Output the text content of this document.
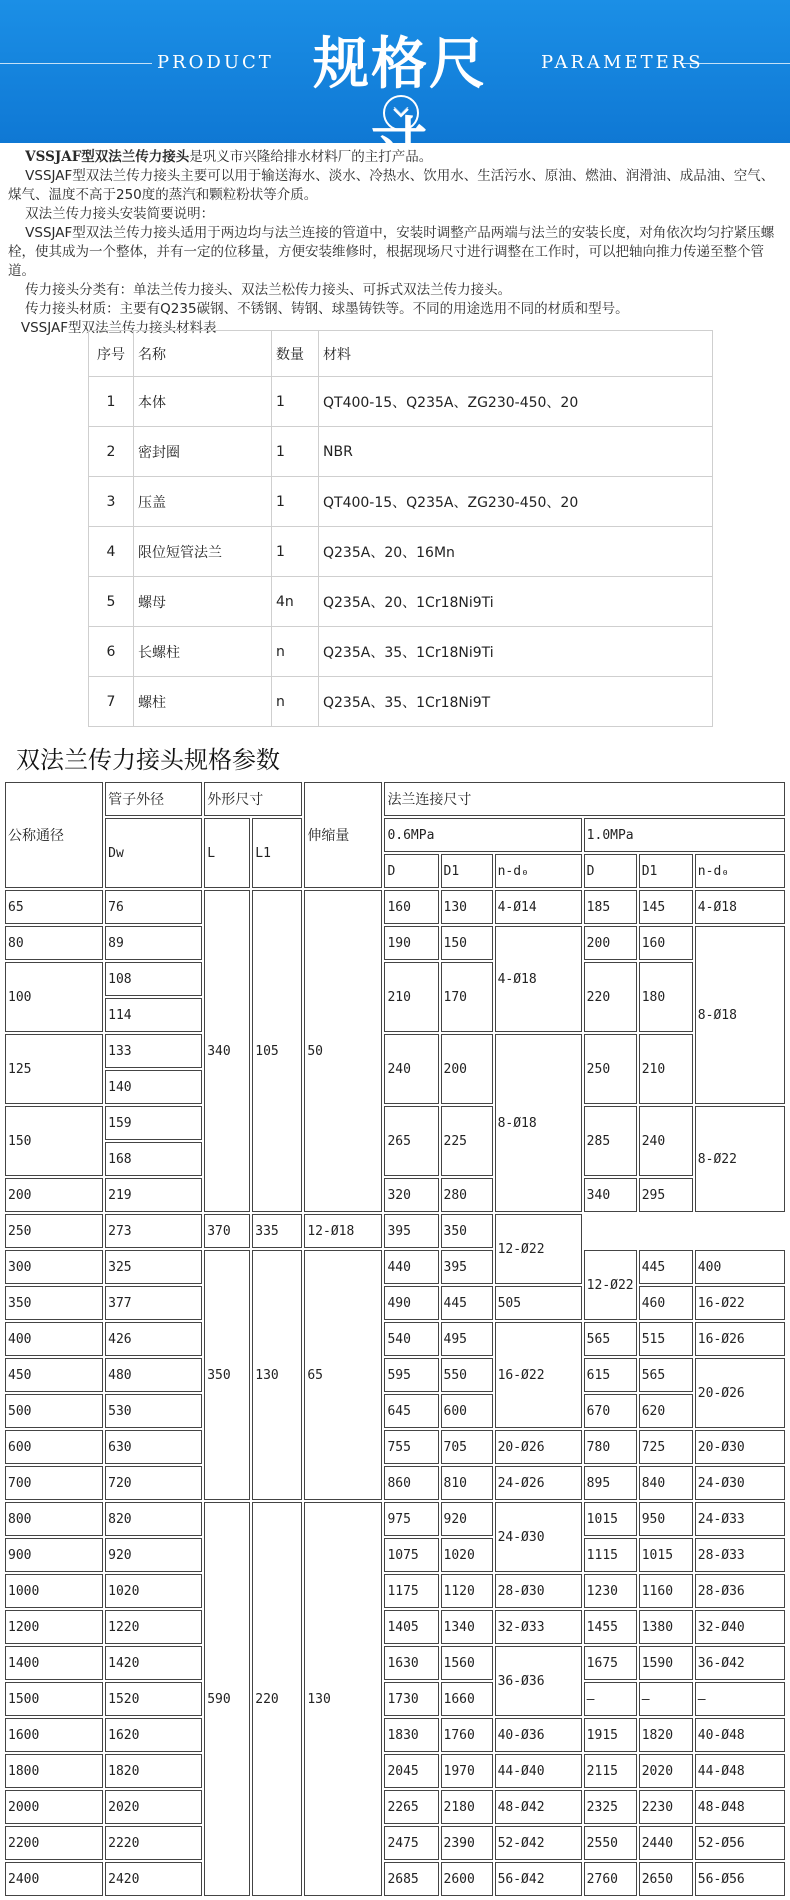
PRODUCT 规格尺寸
PARAMETERS

VSSJAF型双法兰传力接头是巩义市兴隆给排水材料厂的主打产品。

VSSJAF型双法兰传力接头主要可以用于输送海水、淡水、冷热水、饮用水、生活污水、原油、燃油、润滑油、成品油、空气、煤气、温度不高于250度的蒸汽和颗粒粉状等介质。

双法兰传力接头安装简要说明：

VSSJAF型双法兰传力接头适用于两边均与法兰连接的管道中，安装时调整产品两端与法兰的安装长度，对角依次均匀拧紧压螺栓，使其成为一个整体，并有一定的位移量，方便安装维修时，根据现场尺寸进行调整在工作时，可以把轴向推力传递至整个管道。

传力接头分类有：单法兰传力接头、双法兰松传力接头、可拆式双法兰传力接头。

传力接头材质：主要有Q235碳钢、不锈钢、铸钢、球墨铸铁等。不同的用途选用不同的材质和型号。

VSSJAF型双法兰传力接头材料表

序号	名称	数量	材料
1	本体	1	QT400-15、Q235A、ZG230-450、20
2	密封圈	1	NBR
3	压盖	1	QT400-15、Q235A、ZG230-450、20
4	限位短管法兰	1	Q235A、20、16Mn
5	螺母	4n	Q235A、20、1Cr18Ni9Ti
6	长螺柱	n	Q235A、35、1Cr18Ni9Ti
7	螺柱	n	Q235A、35、1Cr18Ni9T
双法兰传力接头规格参数
公称通径	管子外径	外形尺寸		伸缩量	法兰连接尺寸					
	Dw	L	L1		0.6MPa			1.0MPa		
					D	D1	n-d₀	D	D1	n-d₀
65	76	340	105	50	160	130	4-Ø14	185	145	4-Ø18
80	89				190	150	4-Ø18	200	160	8-Ø18
100	108				210	170		220	180	
	114									
125	133				240	200	8-Ø18	250	210	
	140									
150	159				265	225		285	240	8-Ø22
	168									
200	219				320	280		340	295	
250	273	370	335	12-Ø18	395	350	12-Ø22			
300	325	350	130	65	440	395		12-Ø22	445	400
350	377				490	445	505		460	16-Ø22
400	426				540	495	16-Ø22	565	515	16-Ø26
450	480				595	550		615	565	20-Ø26
500	530				645	600		670	620	
600	630				755	705	20-Ø26	780	725	20-Ø30
700	720				860	810	24-Ø26	895	840	24-Ø30
800	820	590	220	130	975	920	24-Ø30	1015	950	24-Ø33
900	920				1075	1020		1115	1015	28-Ø33
1000	1020				1175	1120	28-Ø30	1230	1160	28-Ø36
1200	1220				1405	1340	32-Ø33	1455	1380	32-Ø40
1400	1420				1630	1560	36-Ø36	1675	1590	36-Ø42
1500	1520				1730	1660		–	–	–
1600	1620				1830	1760	40-Ø36	1915	1820	40-Ø48
1800	1820				2045	1970	44-Ø40	2115	2020	44-Ø48
2000	2020				2265	2180	48-Ø42	2325	2230	48-Ø48
2200	2220				2475	2390	52-Ø42	2550	2440	52-Ø56
2400	2420				2685	2600	56-Ø42	2760	2650	56-Ø56
